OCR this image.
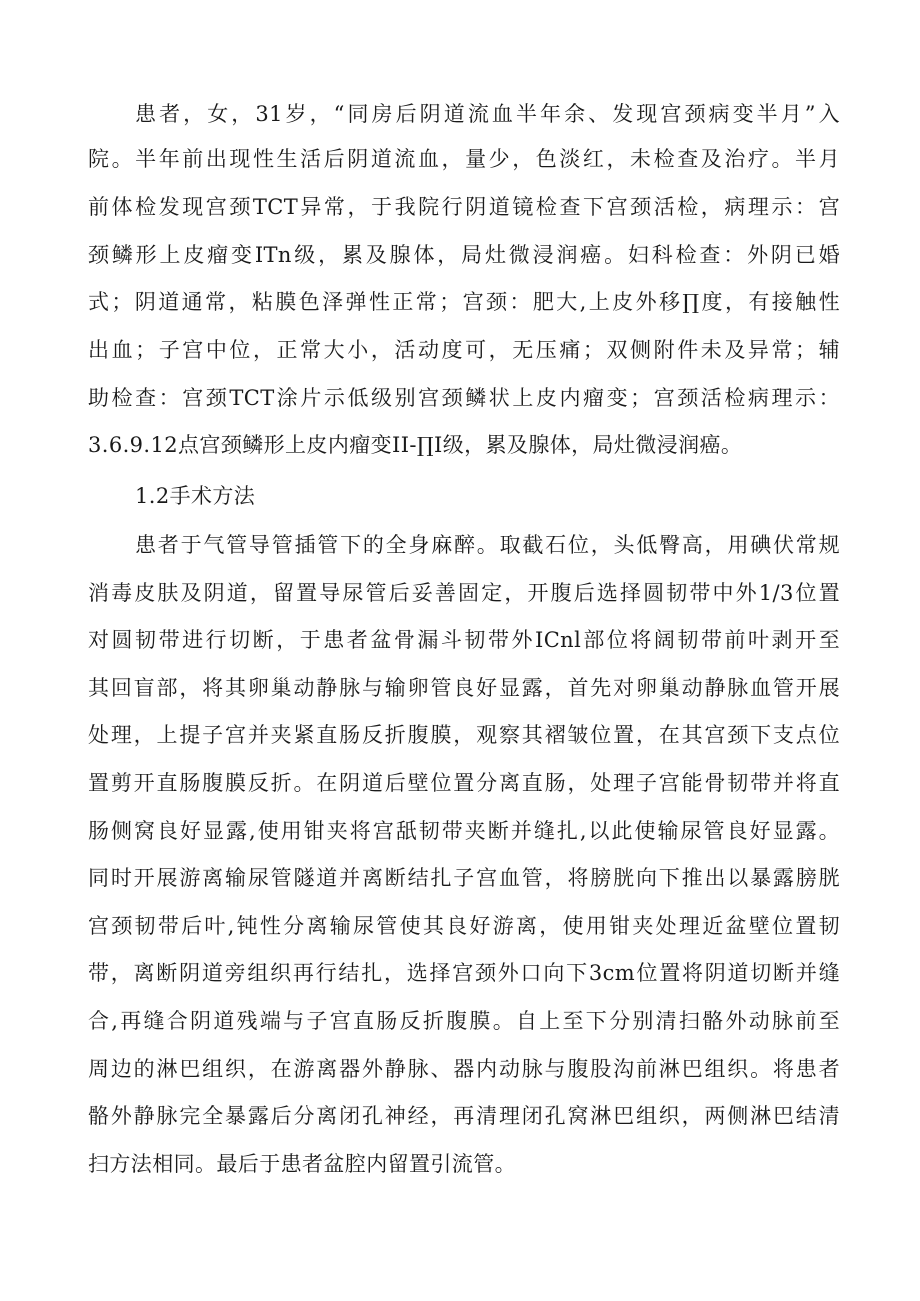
患者，女，31岁，“同房后阴道流血半年余、发现宫颈病变半月”入
院。半年前出现性生活后阴道流血，量少，色淡红，未检查及治疗。半月
前体检发现宫颈TCT异常，于我院行阴道镜检查下宫颈活检，病理示：宫
颈鳞形上皮瘤变ITn级，累及腺体，局灶微浸润癌。妇科检查：外阴已婚
式；阴道通常，粘膜色泽弹性正常；宫颈：肥大,上皮外移∏度，有接触性
出血；子宫中位，正常大小，活动度可，无压痛；双侧附件未及异常；辅
助检查：宫颈TCT涂片示低级别宫颈鳞状上皮内瘤变；宫颈活检病理示：
3.6.9.12点宫颈鳞形上皮内瘤变II-∏I级，累及腺体，局灶微浸润癌。
1.2手术方法
患者于气管导管插管下的全身麻醉。取截石位，头低臀高，用碘伏常规
消毒皮肤及阴道，留置导尿管后妥善固定，开腹后选择圆韧带中外1/3位置
对圆韧带进行切断，于患者盆骨漏斗韧带外ICnl部位将阔韧带前叶剥开至
其回盲部，将其卵巢动静脉与输卵管良好显露，首先对卵巢动静脉血管开展
处理，上提子宫并夹紧直肠反折腹膜，观察其褶皱位置，在其宫颈下支点位
置剪开直肠腹膜反折。在阴道后壁位置分离直肠，处理子宫能骨韧带并将直
肠侧窝良好显露,使用钳夹将宫舐韧带夹断并缝扎,以此使输尿管良好显露。
同时开展游离输尿管隧道并离断结扎子宫血管，将膀胱向下推出以暴露膀胱
宫颈韧带后叶,钝性分离输尿管使其良好游离，使用钳夹处理近盆壁位置韧
带，离断阴道旁组织再行结扎，选择宫颈外口向下3cm位置将阴道切断并缝
合,再缝合阴道残端与子宫直肠反折腹膜。自上至下分别清扫骼外动脉前至
周边的淋巴组织，在游离器外静脉、器内动脉与腹股沟前淋巴组织。将患者
骼外静脉完全暴露后分离闭孔神经，再清理闭孔窝淋巴组织，两侧淋巴结清
扫方法相同。最后于患者盆腔内留置引流管。
